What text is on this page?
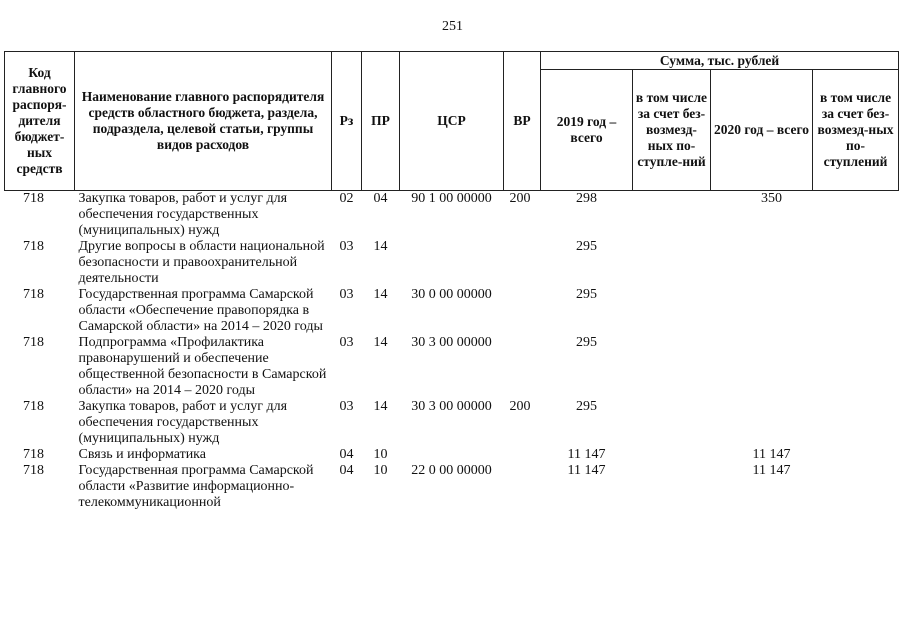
251
Код главного распоря-дителя бюджет-ных средств	Наименование главного распорядителя средств областного бюджета, раздела, подраздела, целевой статьи, группы видов расходов	Рз	ПР	ЦСР	ВР	Сумма, тыс. рублей			
						2019 год – всего	в том числе за счет без-возмезд-ных по-ступле-ний	2020 год – всего	в том числе за счет без-возмезд-ных по-ступлений
718	Закупка товаров, работ и услуг для обеспечения государственных (муниципальных) нужд	02	04	90 1 00 00000	200	298		350	
718	Другие вопросы в области национальной безопасности и правоохранительной деятельности	03	14			295			
718	Государственная программа Самарской области «Обеспечение правопорядка в Самарской области» на 2014 – 2020 годы	03	14	30 0 00 00000		295			
718	Подпрограмма «Профилактика правонарушений и обеспечение общественной безопасности в Самарской области» на 2014 – 2020 годы	03	14	30 3 00 00000		295			
718	Закупка товаров, работ и услуг для обеспечения государственных (муниципальных) нужд	03	14	30 3 00 00000	200	295			
718	Связь и информатика	04	10			11 147		11 147	
718	Государственная программа Самарской области «Развитие информационно-телекоммуникационной	04	10	22 0 00 00000		11 147		11 147	
